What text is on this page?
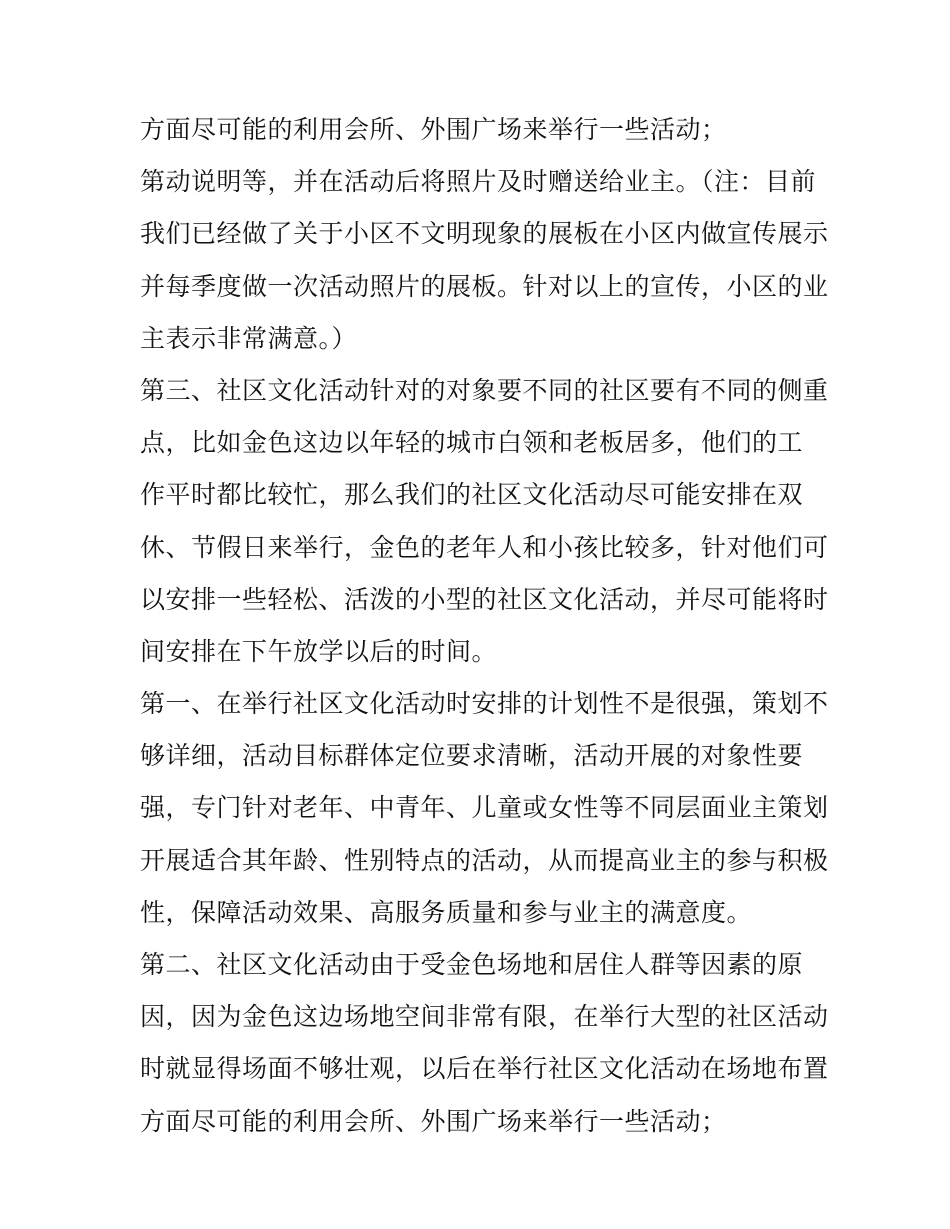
方面尽可能的利用会所、外围广场来举行一些活动；
第动说明等，并在活动后将照片及时赠送给业主。（注：目前
我们已经做了关于小区不文明现象的展板在小区内做宣传展示
并每季度做一次活动照片的展板。针对以上的宣传，小区的业
主表示非常满意。）
第三、社区文化活动针对的对象要不同的社区要有不同的侧重
点，比如金色这边以年轻的城市白领和老板居多，他们的工
作平时都比较忙，那么我们的社区文化活动尽可能安排在双
休、节假日来举行，金色的老年人和小孩比较多，针对他们可
以安排一些轻松、活泼的小型的社区文化活动，并尽可能将时
间安排在下午放学以后的时间。
第一、在举行社区文化活动时安排的计划性不是很强，策划不
够详细，活动目标群体定位要求清晰，活动开展的对象性要
强，专门针对老年、中青年、儿童或女性等不同层面业主策划
开展适合其年龄、性别特点的活动，从而提高业主的参与积极
性，保障活动效果、高服务质量和参与业主的满意度。
第二、社区文化活动由于受金色场地和居住人群等因素的原
因，因为金色这边场地空间非常有限，在举行大型的社区活动
时就显得场面不够壮观，以后在举行社区文化活动在场地布置
方面尽可能的利用会所、外围广场来举行一些活动；
